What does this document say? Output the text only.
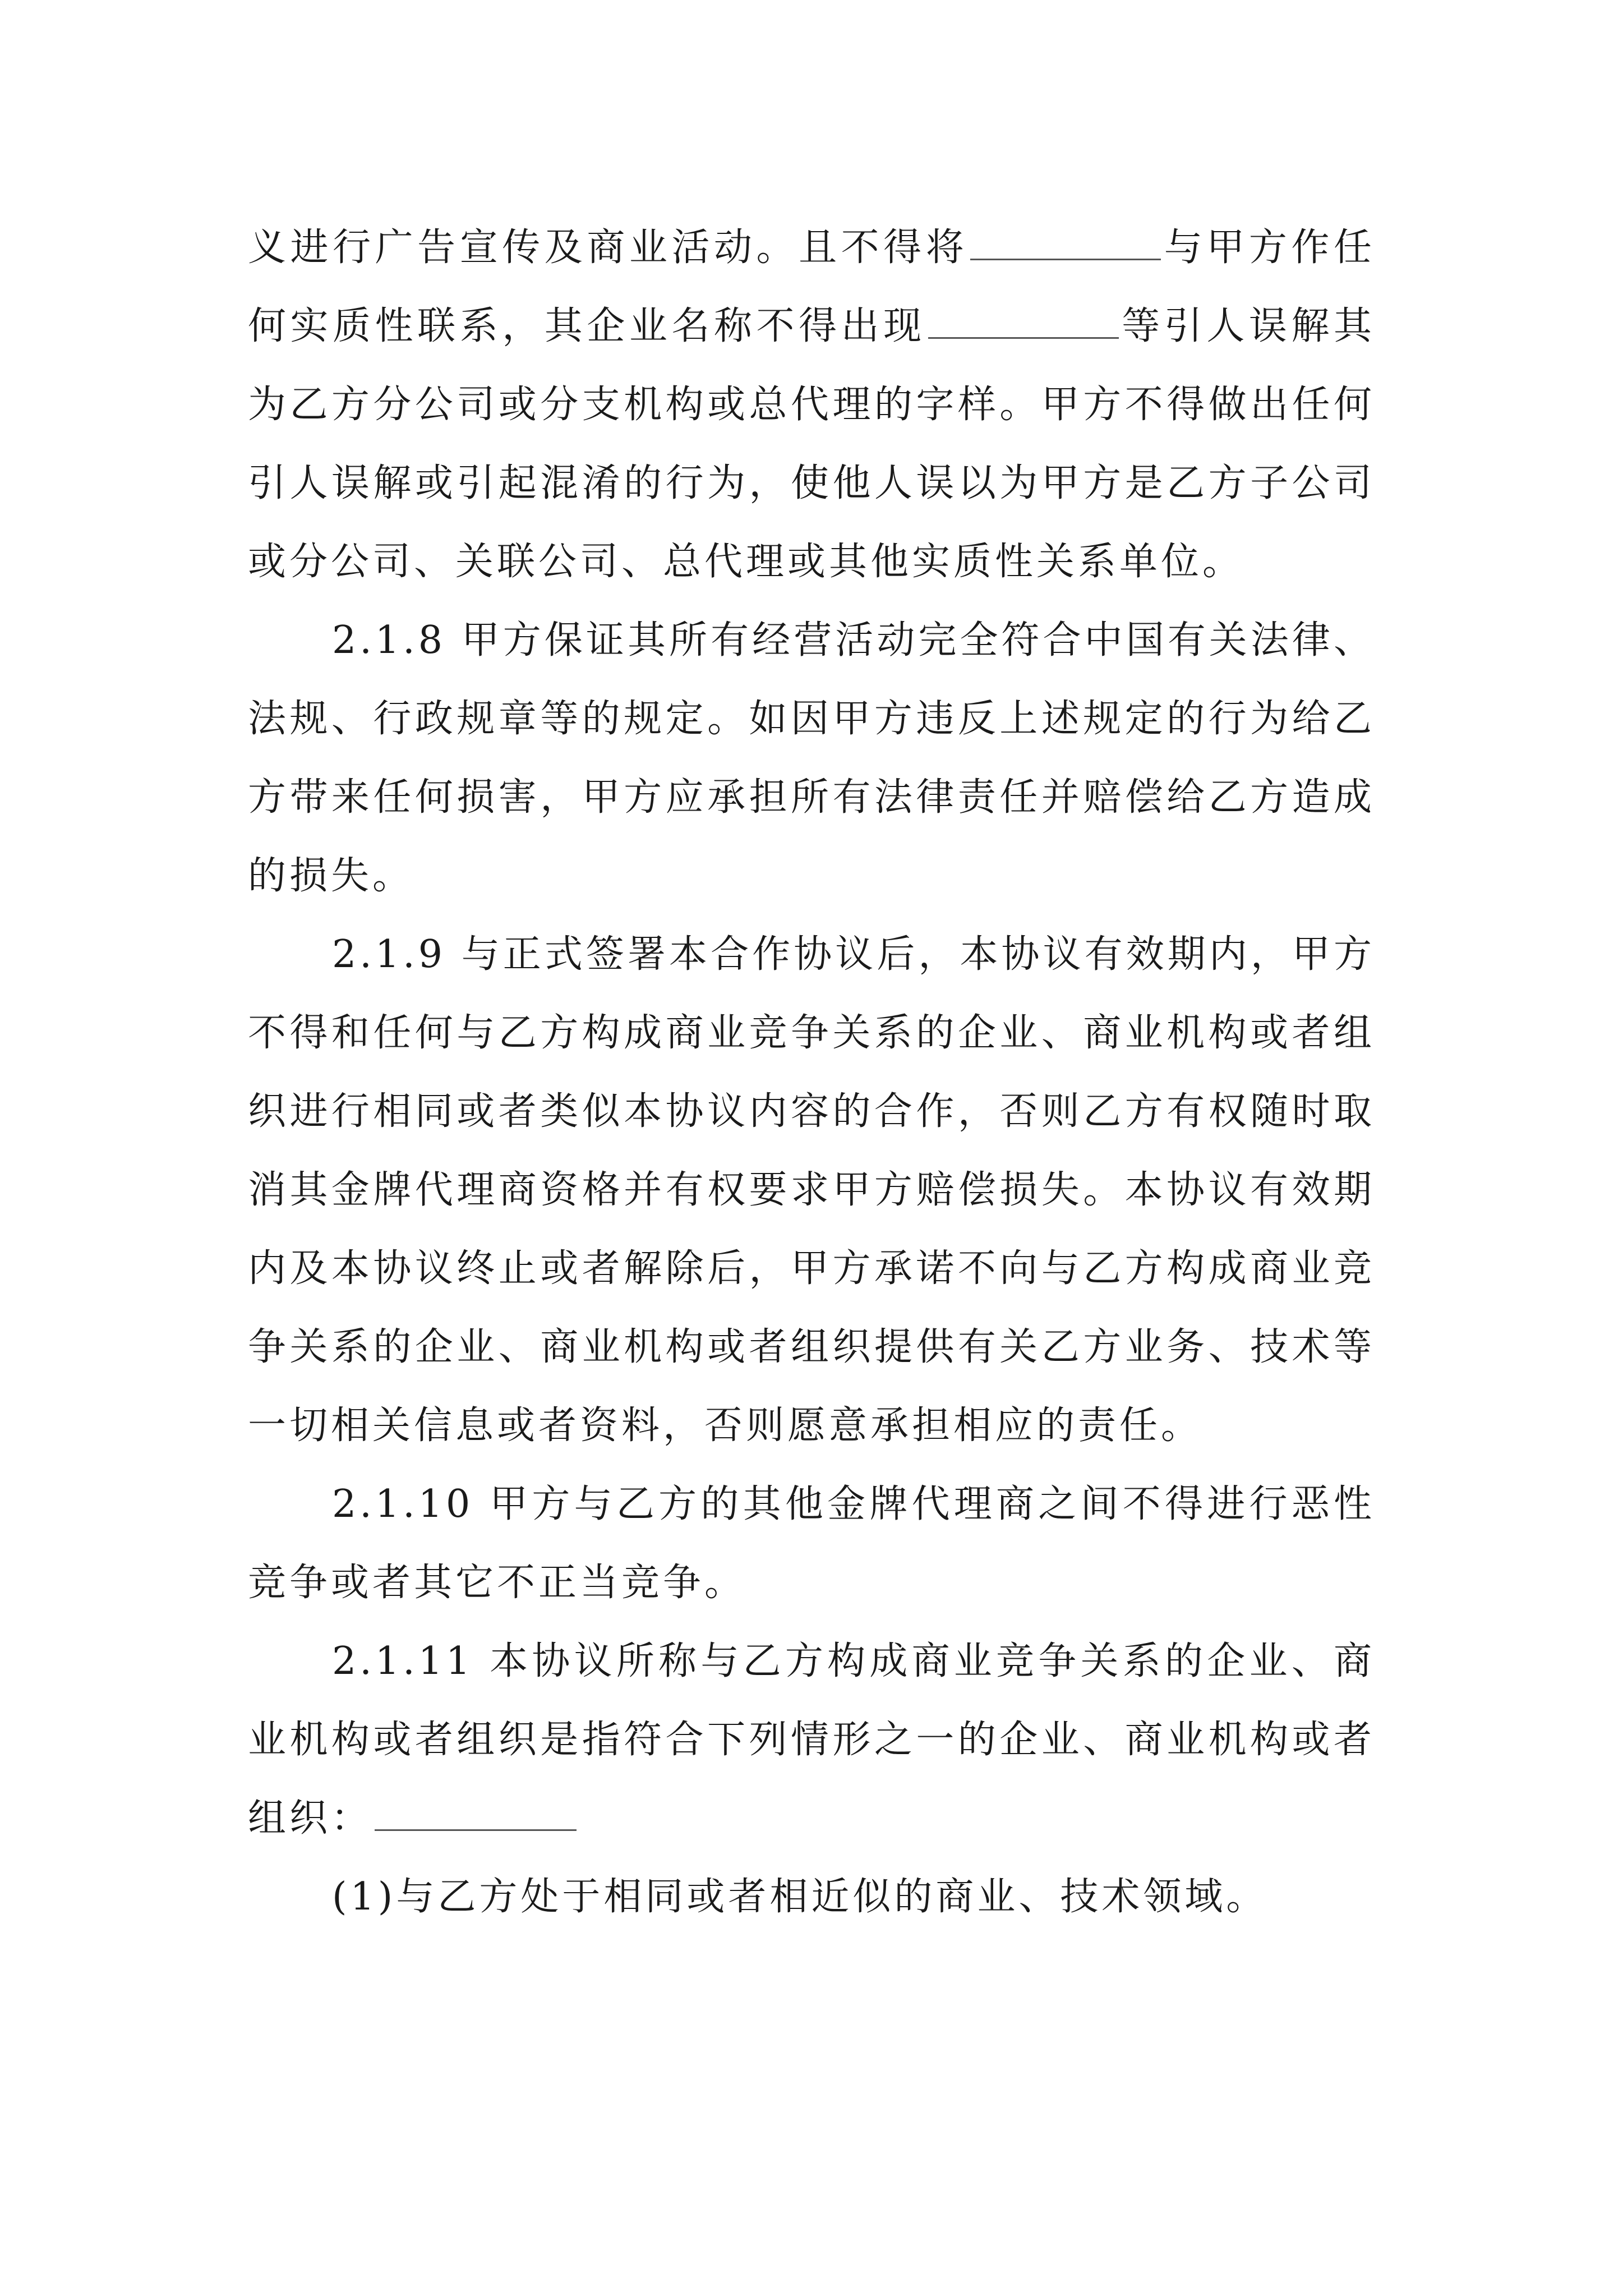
义进行广告宣传及商业活动。且不得将	与甲方作任何实质性联系，其企业名称不得出现	等引人误解其为乙方分公司或分支机构或总代理的字样。甲方不得做出任何引人误解或引起混淆的行为，使他人误以为甲方是乙方子公司或分公司、关联公司、总代理或其他实质性关系单位。

2.1.8 甲方保证其所有经营活动完全符合中国有关法律、法规、行政规章等的规定。如因甲方违反上述规定的行为给乙方带来任何损害，甲方应承担所有法律责任并赔偿给乙方造成的损失。

2.1.9 与正式签署本合作协议后，本协议有效期内，甲方不得和任何与乙方构成商业竞争关系的企业、商业机构或者组织进行相同或者类似本协议内容的合作，否则乙方有权随时取消其金牌代理商资格并有权要求甲方赔偿损失。本协议有效期内及本协议终止或者解除后，甲方承诺不向与乙方构成商业竞争关系的企业、商业机构或者组织提供有关乙方业务、技术等一切相关信息或者资料，否则愿意承担相应的责任。

2.1.10 甲方与乙方的其他金牌代理商之间不得进行恶性竞争或者其它不正当竞争。

2.1.11 本协议所称与乙方构成商业竞争关系的企业、商业机构或者组织是指符合下列情形之一的企业、商业机构或者组织：

(1)与乙方处于相同或者相近似的商业、技术领域。
